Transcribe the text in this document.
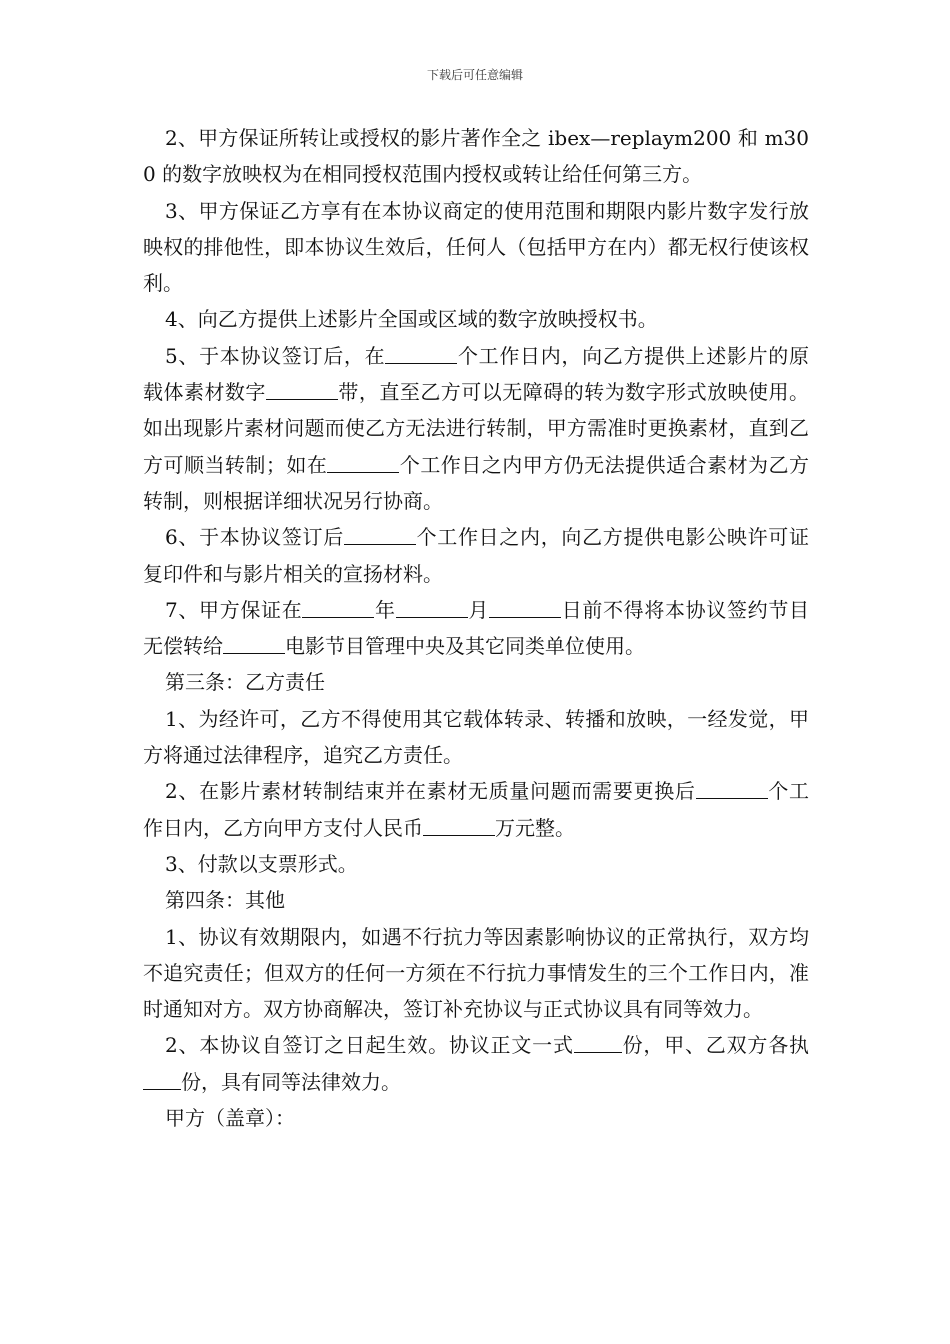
下载后可任意编辑

2、甲方保证所转让或授权的影片著作全之 ibex—replaym200 和 m300 的数字放映权为在相同授权范围内授权或转让给任何第三方。

3、甲方保证乙方享有在本协议商定的使用范围和期限内影片数字发行放映权的排他性，即本协议生效后，任何人（包括甲方在内）都无权行使该权利。

4、向乙方提供上述影片全国或区域的数字放映授权书。

5、于本协议签订后，在	个工作日内，向乙方提供上述影片的原载体素材数字	带，直至乙方可以无障碍的转为数字形式放映使用。如出现影片素材问题而使乙方无法进行转制，甲方需准时更换素材，直到乙方可顺当转制；如在	个工作日之内甲方仍无法提供适合素材为乙方转制，则根据详细状况另行协商。

6、于本协议签订后	个工作日之内，向乙方提供电影公映许可证复印件和与影片相关的宣扬材料。

7、甲方保证在	年	月	日前不得将本协议签约节目无偿转给	电影节目管理中央及其它同类单位使用。

第三条：乙方责任

1、为经许可，乙方不得使用其它载体转录、转播和放映，一经发觉，甲方将通过法律程序，追究乙方责任。

2、在影片素材转制结束并在素材无质量问题而需要更换后	个工作日内，乙方向甲方支付人民币	万元整。

3、付款以支票形式。

第四条：其他

1、协议有效期限内，如遇不行抗力等因素影响协议的正常执行，双方均不追究责任；但双方的任何一方须在不行抗力事情发生的三个工作日内，准时通知对方。双方协商解决，签订补充协议与正式协议具有同等效力。

2、本协议自签订之日起生效。协议正文一式 份，甲、乙双方各执份，具有同等法律效力。

甲方（盖章）：
